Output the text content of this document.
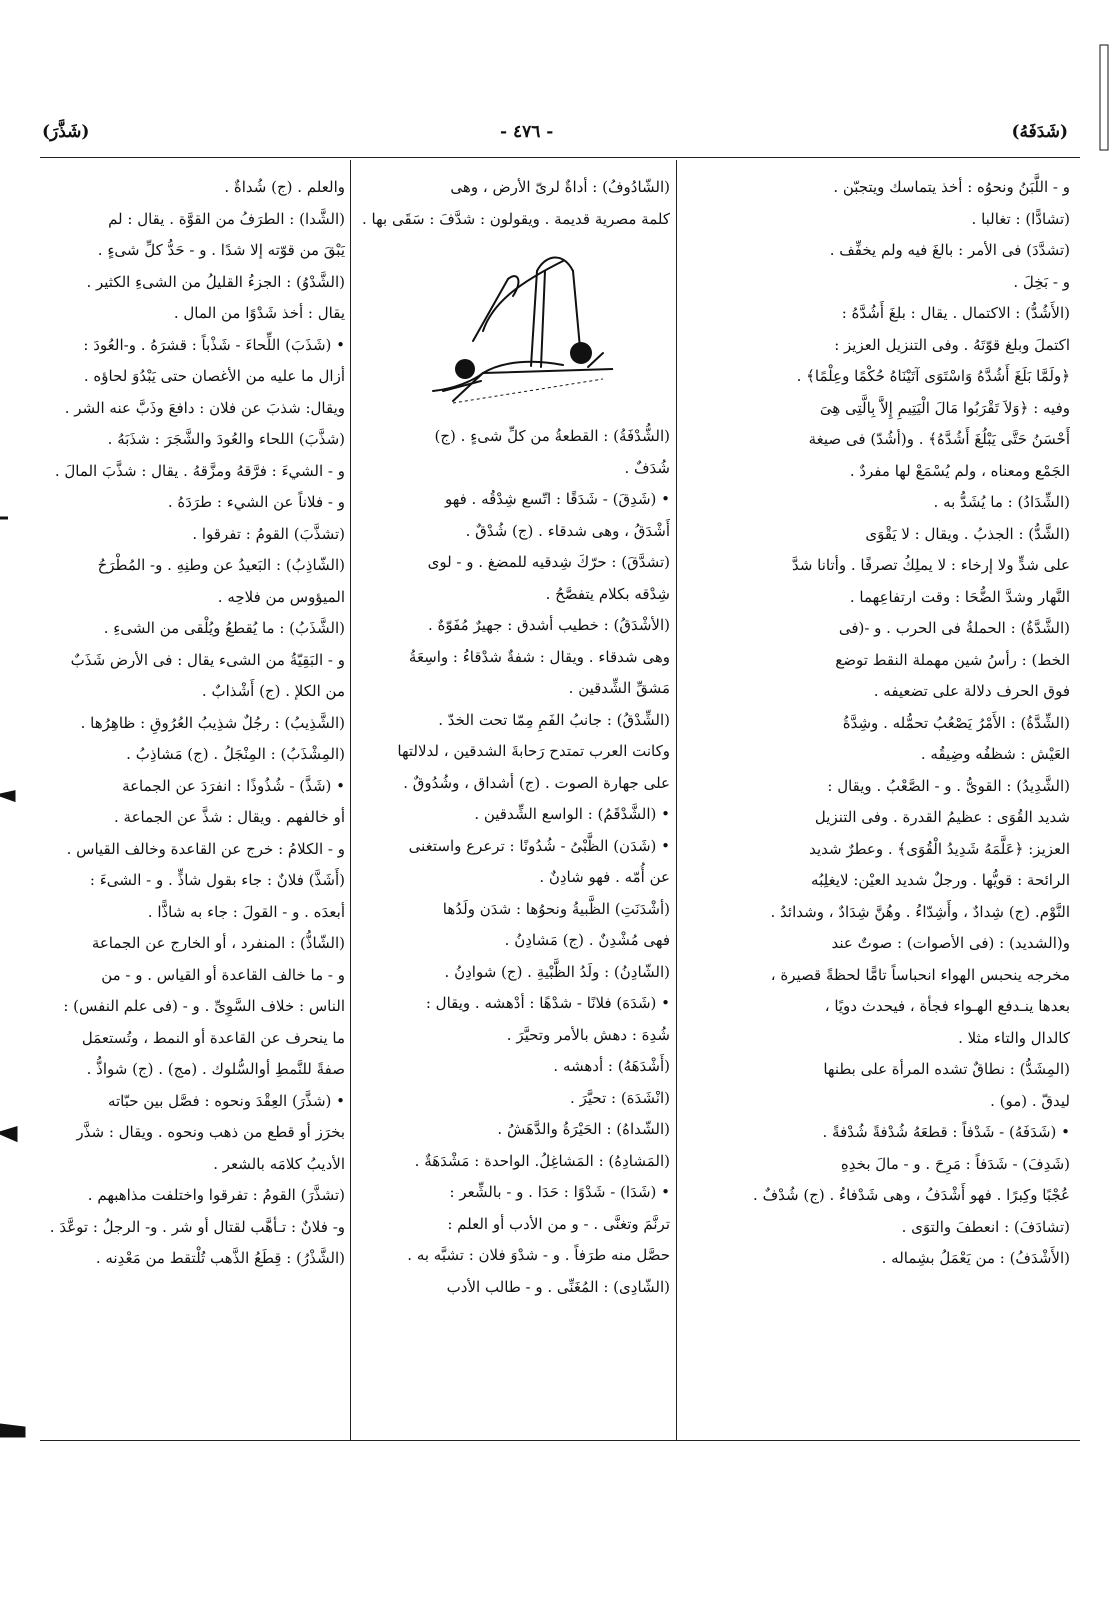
(شَدَفَهُ)
- ٤٧٦ -
(شَذَّرَ)
و - اللَّبَنُ ونحوُه : أخذ يتماسك ويتجبّن .
(تشادًّا) : تغالبا .
(تشدَّدَ) فى الأمر : بالغَ فيه ولم يخفِّف .
و - بَخِلَ .
(الأَشُدُّ) : الاكتمال . يقال : بلغَ أَشُدَّهُ :
اكتملَ وبلغ قوّتَهُ . وفى التنزيل العزيز :
﴿ولَمَّا بَلَغَ أَشُدَّهُ وَاسْتَوَى آتَيْنَاهُ حُكْمًا وعِلْمًا﴾ .
وفيه : ﴿وَلاَ تَقْرَبُوا مَالَ الْيَتِيمِ إِلاَّ بِالَّتِى هِىَ
أَحْسَنُ حَتَّى يَبْلُغَ أَشُدَّهُ﴾ . و(أشُدّ) فى صيغة
الجَمْع ومعناه ، ولم يُسْمَعْ لها مفردٌ .
(الشِّدَادُ) : ما يُشَدُّ به .
(الشَّدُّ) : الجذبُ . ويقال : لا يَقْوَى
على شدٍّ ولا إرخاء : لا يملِكُ تصرفًا . وأتانا شدَّ
النَّهار وشدَّ الضُّحَا : وقت ارتفاعِهما .
(الشَّدَّةُ) : الحملةُ فى الحرب . و -(فى
الخط) : رأسُ شين مهملة النقط توضع
فوق الحرف دلالة على تضعيفه .
(الشِّدَّةُ) : الأَمْرُ يَصْعُبُ تحمُّله . وشِدَّةُ
العَيْش : شظفُه وضِيقُه .
(الشَّدِيدُ) : القوىُّ . و - الصَّعْبُ . ويقال :
شديد القُوَى : عظيمُ القدرة . وفى التنزيل
العزيز: ﴿عَلَّمَهُ شَدِيدُ الْقُوَى﴾ . وعطرٌ شديد
الرائحة : قويُّها . ورجلٌ شديد العيْن: لايغلِبُه
النَّوْم. (ج) شِدادٌ ، وأَشِدّاءُ . وهُنَّ شِدَادٌ ، وشدائدُ .
و(الشديد) : (فى الأصوات) : صوتٌ عند
مخرجه ينحبس الهواء انحباساً تامًّا لحظةً قصيرة ،
بعدها ينـدفع الهـواء فجأة ، فيحدث دويًا ،
كالدال والتاء مثلا .
(المِشَدُّ) : نطاقٌ تشده المرأة على بطنها
ليدقّ . (مو) .
• (شَدَفَهُ) - شَدْفاً : قطعَهُ شُدْفةً شُدْفةً .
(شَدِفَ) - شَدَفاً : مَرِحَ . و - مالَ بخدِهِ
عُجْبًا وكِبرًا . فهو أَشْدَفُ ، وهى شَدْفاءُ . (ج) شُدْفٌ .
(تشادَفَ) : انعطفَ والتوَى .
(الأَشْدَفُ) : من يَعْمَلُ بشِماله .
(الشّادُوفُ) : أداةٌ لرىّ الأرض ، وهى
كلمة مصرية قديمة . ويقولون : شدَّفَ : سَقَى بها .
(الشُّدْفَةُ) : القطعةُ من كلِّ شىءٍ . (ج)
شُدَفٌ .
• (شَدِقَ) - شَدَقًا : اتّسع شِدْقُه . فهو
أَشْدَقُ ، وهى شدقاء . (ج) شُدْقٌ .
(تشدَّقَ) : حرّكَ شِدقيه للمضغ . و - لوى
شِدْقه بكلام يتفصَّحُ .
(الأشْدَقُ) : خطيب أشدق : جهيرٌ مُفَوّهٌ .
وهى شدقاء . ويقال : شفةٌ شدْقاءُ : واسِعَةُ
مَشقِّ الشِّدقين .
(الشِّدْقُ) : جانبُ الفَمِ مِمّا تحت الخدّ .
وكانت العرب تمتدح رَحابةَ الشدقين ، لدلالتها
على جهارة الصوت . (ج) أشداق ، وشُدُوقٌ .
• (الشَّدْقَمُ) : الواسع الشِّدقين .
• (شَدَن) الظَّبْىُ - شُدُونًا : ترعرع واستغنى
عن أُمّه . فهو شادِنٌ .
(أشْدَنَتِ) الظَّبيةُ ونحوُها : شدَن ولَدُها
فهى مُشْدِنٌ . (ج) مَشادِنُ .
(الشّادِنُ) : ولَدُ الظَّبْيةِ . (ج) شوادِنُ .
• (شَدَهَ) فلانًا - شدْهًا : أدْهشه . ويقال :
شُدِهَ : دهش بالأمر وتحيَّرَ .
(أَشْدَهَهُ) : أدهشه .
(انْشَدَهَ) : تحيَّرَ .
(الشّداهُ) : الحَيْرَةُ والدَّهَشُ .
(المَشادِهُ) : المَشاغِلُ. الواحدة : مَشْدَهَةٌ .
• (شَدَا) - شَدْوًا : حَدَا . و - بالشِّعر :
ترنَّمَ وتغنَّى . - و من الأدب أو العلم :
حصَّل منه طرَفاً . و - شدْوَ فلان : تشبَّه به .
(الشّادِى) : المُغَنِّى . و - طالب الأدب
والعلم . (ج) شُداةٌ .
(الشَّدا) : الطرَفُ من القوَّة . يقال : لم
يَبْقَ من قوّته إلا شدًا . و - حَدُّ كلِّ شىءٍ .
(الشَّدْوُ) : الجزءُ القليلُ من الشىءِ الكثير .
يقال : أخذ شَدْوًا من المال .
• (شَذَبَ) اللِّحاءَ - شَذْباً : قشرَهُ . و-العُودَ :
أزال ما عليه من الأغصان حتى يَبْدُوَ لحاؤه .
ويقال: شذبَ عن فلان : دافعَ وذَبَّ عنه الشر .
(شذَّبَ) اللحاء والعُودَ والشَّجَرَ : شذَبَهُ .
و - الشيءَ : فرَّقهُ ومزَّقهُ . يقال : شذَّبَ المالَ .
و - فلاناً عن الشيء : طرَدَهُ .
(تشذَّبَ) القومُ : تفرقوا .
(الشّاذِبُ) : البَعيدُ عن وطنِهِ . و- المُطْرَحُ
الميؤوس من فلاحِه .
(الشَّذَبُ) : ما يُقطعُ ويُلْقى من الشىءِ .
و - البَقِيّةُ من الشىء يقال : فى الأرض شَذَبٌ
من الكلإ . (ج) أَشْذابٌ .
(الشَّذِيبُ) : رجُلٌ شذِيبُ العُرُوقِ : ظاهِرُها .
(المِشْذَبُ) : المِنْجَلُ . (ج) مَشاذِبُ .
• (شَذَّ) - شُذُوذًا : انفرَدَ عن الجماعة
أو خالفهم . ويقال : شذَّ عن الجماعة .
و - الكلامُ : خرج عن القاعدة وخالف القياس .
(أَشَذَّ) فلانٌ : جاء بقول شاذٍّ . و - الشىءَ :
أبعدَه . و - القولَ : جاء به شاذًّا .
(الشّاذُّ) : المنفرد ، أو الخارج عن الجماعة
و - ما خالف القاعدة أو القياس . و - من
الناس : خلاف السَّوِىِّ . و - (فى علم النفس) :
ما ينحرف عن القاعدة أو النمط ، وتُستعمَل
صفةً للنَّمطِ أوالسُّلوك . (مج) . (ج) شواذُّ .
• (شذَّرَ) العِقْدَ ونحوه : فصَّل بين حبّاته
بخرَز أو قطع من ذهب ونحوه . ويقال : شذَّر
الأديبُ كلامَه بالشعر .
(تشذَّرَ) القومُ : تفرقوا واختلفت مذاهبهم .
و- فلانٌ : تـأهَّب لقتال أو شر . و- الرجلُ : توعَّدَ .
(الشَّذْرُ) : قِطَعُ الذَّهب تُلْتقط من مَعْدِنه .
